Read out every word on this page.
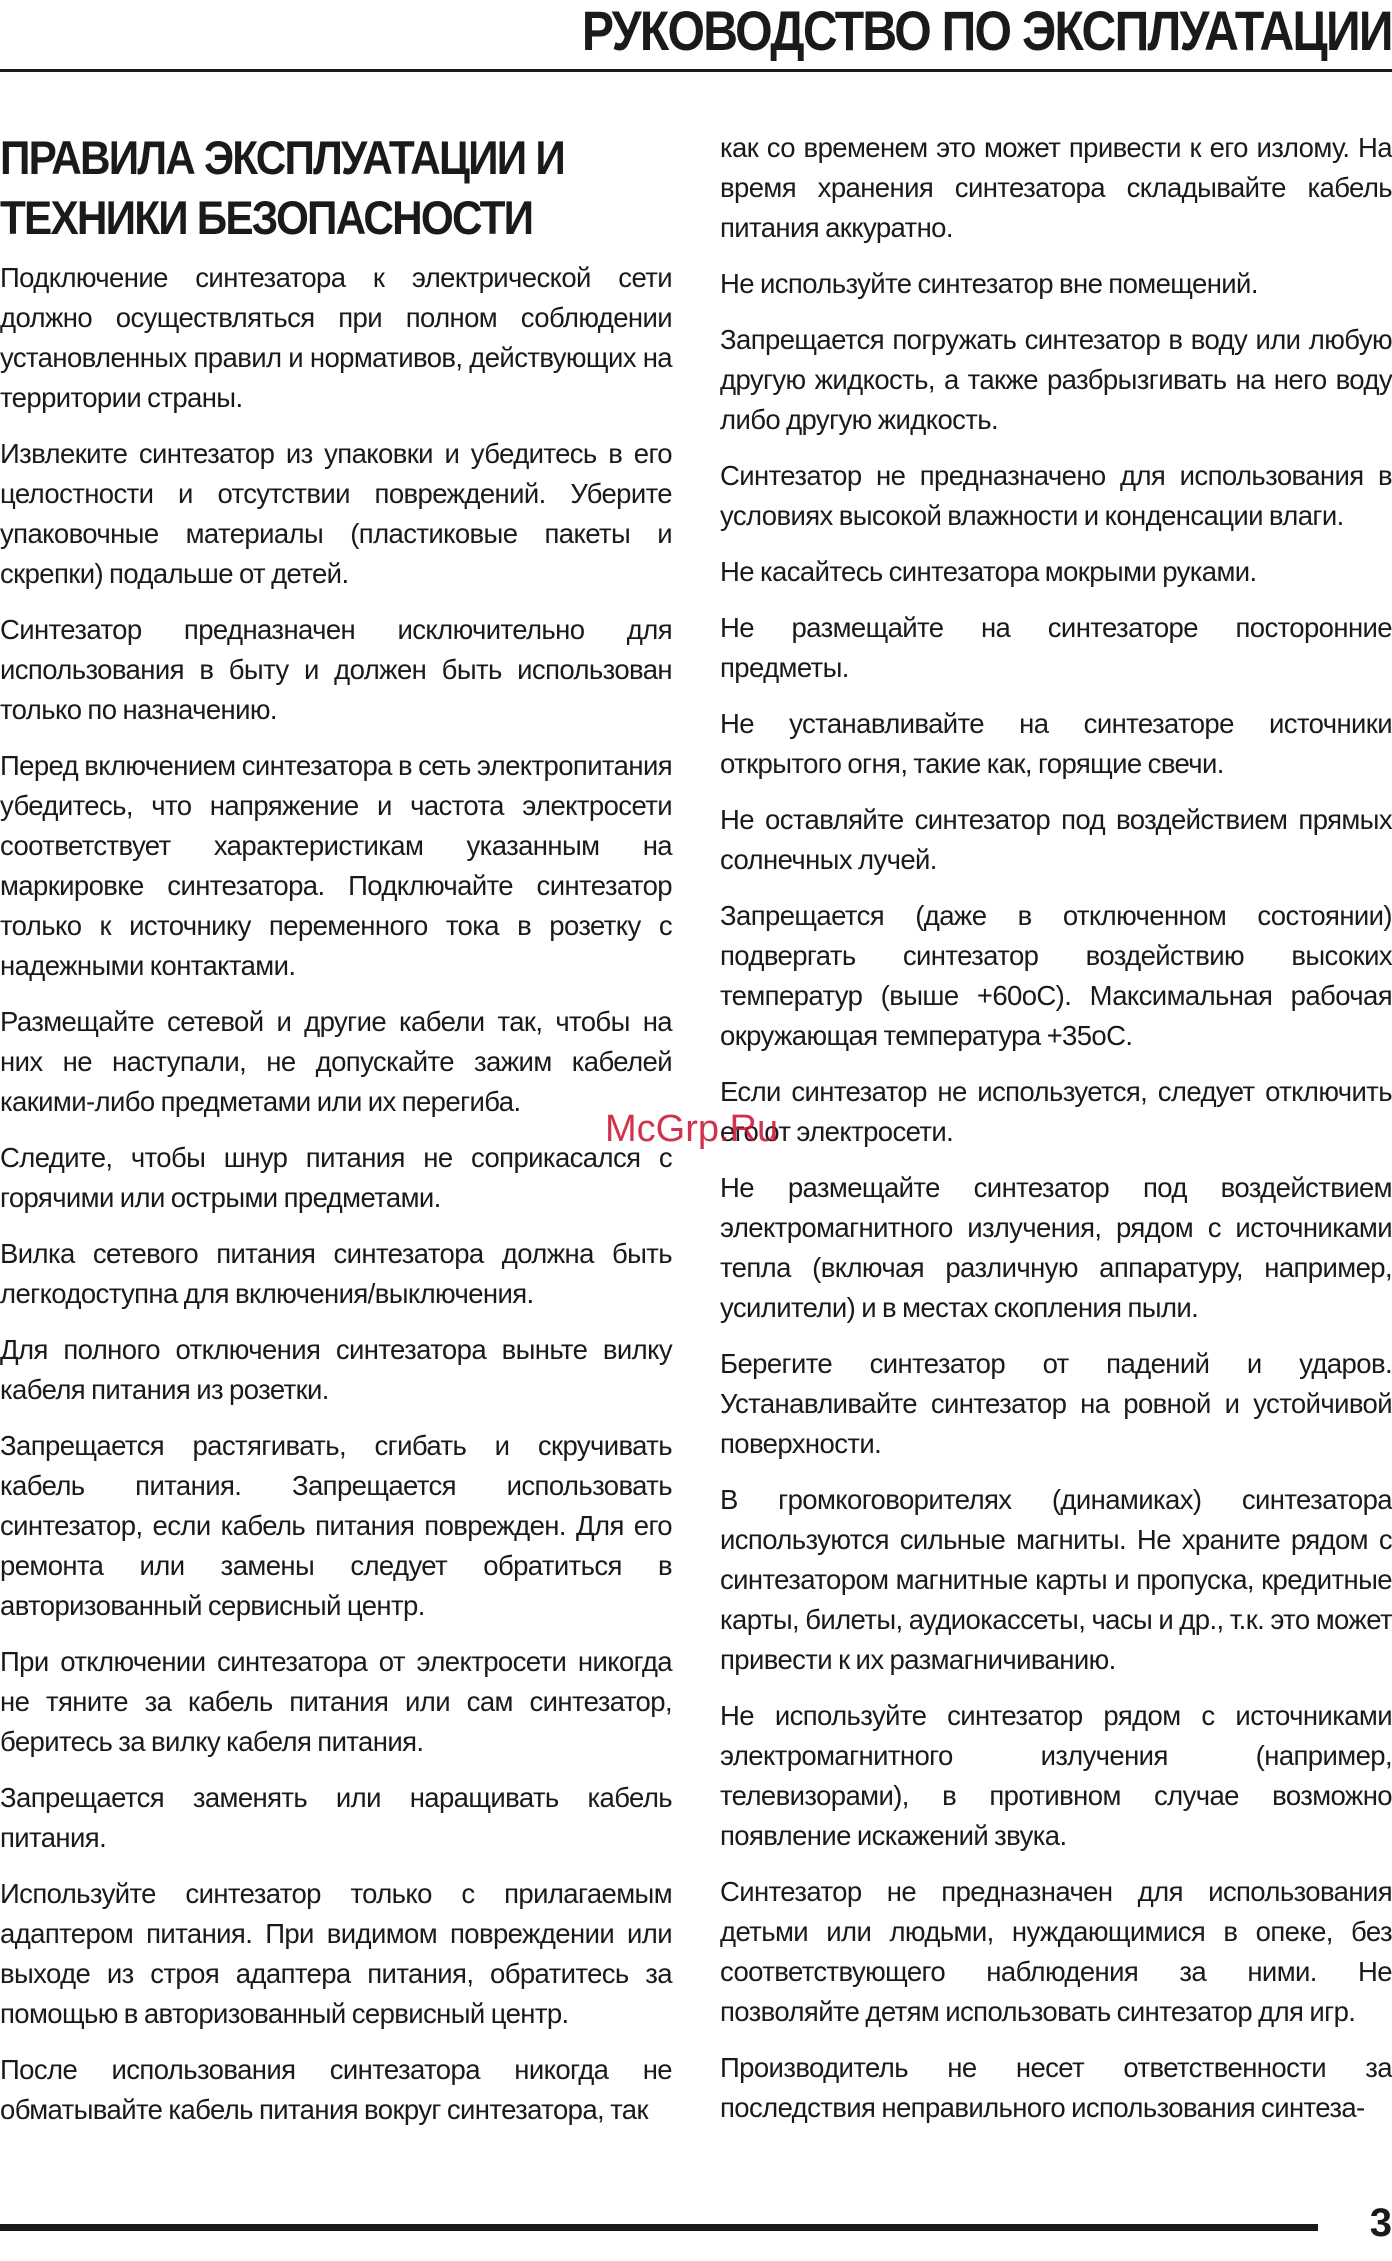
РУКОВОДСТВО ПО ЭКСПЛУАТАЦИИ
ПРАВИЛА ЭКСПЛУАТАЦИИ И
ТЕХНИКИ БЕЗОПАСНОСТИ

Подключение синтезатора к электрической сети должно осуществляться при полном соблюдении установленных правил и нормативов, действующих на территории страны.

Извлеките синтезатор из упаковки и убедитесь в его целостности и отсутствии повреждений. Уберите упаковочные материалы (пластиковые пакеты и скрепки) подальше от детей.

Синтезатор предназначен исключительно для использования в быту и должен быть использован только по назначению.

Перед включением синтезатора в сеть электропитания убедитесь, что напряжение и частота электросети соответствует характеристикам указанным на маркировке синтезатора. Подключайте синтезатор только к источнику переменного тока в розетку с надежными контактами.

Размещайте сетевой и другие кабели так, чтобы на них не наступали, не допускайте зажим кабелей какими-либо предметами или их перегиба.

Следите, чтобы шнур питания не соприкасался с горячими или острыми предметами.

Вилка сетевого питания синтезатора должна быть легкодоступна для включения/выключения.

Для полного отключения синтезатора выньте вилку кабеля питания из розетки.

Запрещается растягивать, сгибать и скручивать кабель питания. Запрещается использовать синтезатор, если кабель питания поврежден. Для его ремонта или замены следует обратиться в авторизованный сервисный центр.

При отключении синтезатора от электросети никогда не тяните за кабель питания или сам синтезатор, беритесь за вилку кабеля питания.

Запрещается заменять или наращивать кабель питания.

Используйте синтезатор только с прилагаемым адаптером питания. При видимом повреждении или выходе из строя адаптера питания, обратитесь за помощью в авторизованный сервисный центр.

После использования синтезатора никогда не обматывайте кабель питания вокруг синтезатора, так

как со временем это может привести к его излому. На время хранения синтезатора складывайте кабель питания аккуратно.

Не используйте синтезатор вне помещений.

Запрещается погружать синтезатор в воду или любую другую жидкость, а также разбрызгивать на него воду либо другую жидкость.

Синтезатор не предназначено для использования в условиях высокой влажности и конденсации влаги.

Не касайтесь синтезатора мокрыми руками.

Не размещайте на синтезаторе посторонние предметы.

Не устанавливайте на синтезаторе источники открытого огня, такие как, горящие свечи.

Не оставляйте синтезатор под воздействием прямых солнечных лучей.

Запрещается (даже в отключенном состоянии) подвергать синтезатор воздействию высоких температур (выше +60оС). Максимальная рабочая окружающая температура +35оС.

Если синтезатор не используется, следует отключить его от электросети.

Не размещайте синтезатор под воздействием электромагнитного излучения, рядом с источниками тепла (включая различную аппаратуру, например, усилители) и в местах скопления пыли.

Берегите синтезатор от падений и ударов. Устанавливайте синтезатор на ровной и устойчивой поверхности.

В громкоговорителях (динамиках) синтезатора используются сильные магниты. Не храните рядом с синтезатором магнитные карты и пропуска, кредитные карты, билеты, аудиокассеты, часы и др., т.к. это может привести к их размагничиванию.

Не используйте синтезатор рядом с источниками электромагнитного излучения (например, телевизорами), в противном случае возможно появление искажений звука.

Синтезатор не предназначен для использования детьми или людьми, нуждающимися в опеке, без соответствующего наблюдения за ними. Не позволяйте детям использовать синтезатор для игр.

Производитель не несет ответственности за последствия неправильного использования синтеза-

McGrp.Ru
3
